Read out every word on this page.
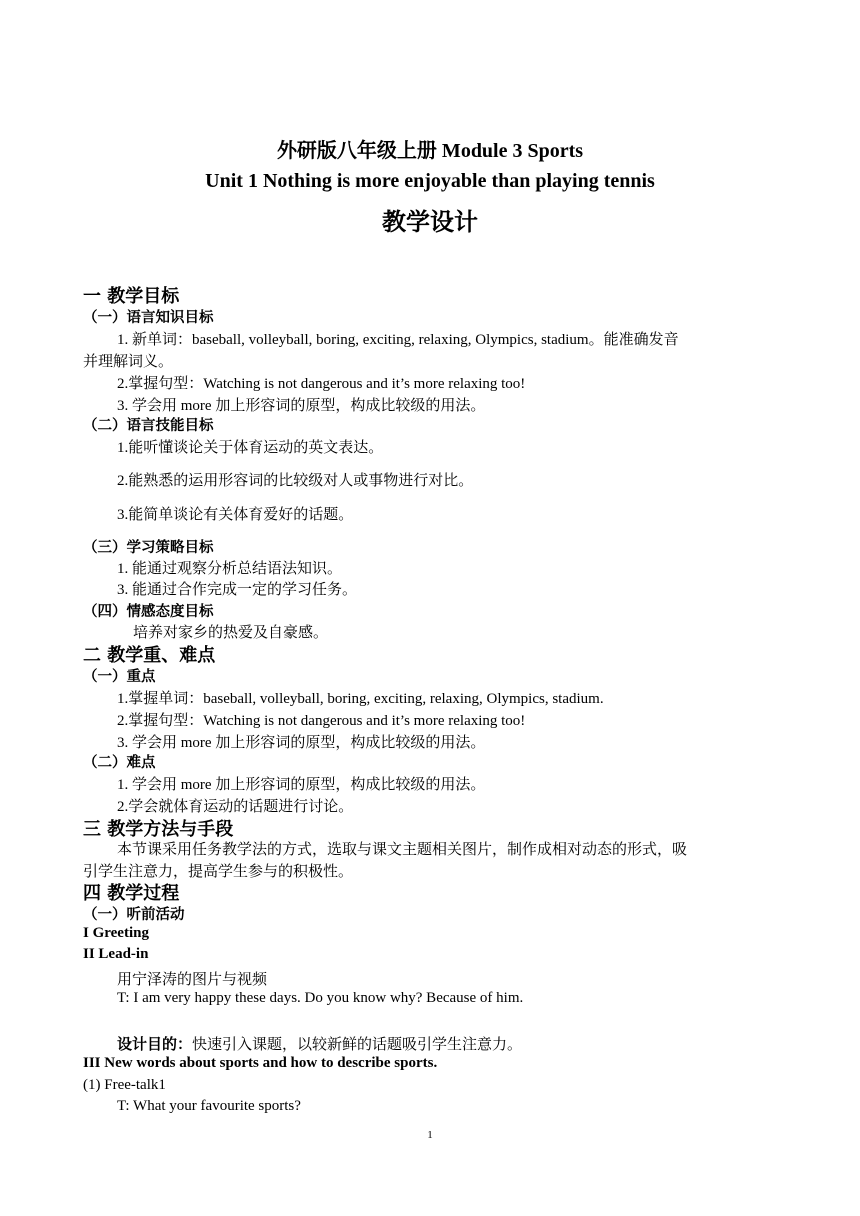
外研版八年级上册 Module 3 Sports
Unit 1 Nothing is more enjoyable than playing tennis
教学设计
一 教学目标
（一）语言知识目标
1. 新单词：baseball, volleyball, boring, exciting, relaxing, Olympics, stadium。能准确发音
并理解词义。
2.掌握句型：Watching is not dangerous and it’s more relaxing too!
3. 学会用 more 加上形容词的原型，构成比较级的用法。
（二）语言技能目标
1.能听懂谈论关于体育运动的英文表达。
2.能熟悉的运用形容词的比较级对人或事物进行对比。
3.能简单谈论有关体育爱好的话题。
（三）学习策略目标
1. 能通过观察分析总结语法知识。
3. 能通过合作完成一定的学习任务。
（四）情感态度目标
培养对家乡的热爱及自豪感。
二 教学重、难点
（一）重点
1.掌握单词：baseball, volleyball, boring, exciting, relaxing, Olympics, stadium.
2.掌握句型：Watching is not dangerous and it’s more relaxing too!
3. 学会用 more 加上形容词的原型，构成比较级的用法。
（二）难点
1. 学会用 more 加上形容词的原型，构成比较级的用法。
2.学会就体育运动的话题进行讨论。
三 教学方法与手段
本节课采用任务教学法的方式，选取与课文主题相关图片，制作成相对动态的形式，吸
引学生注意力，提高学生参与的积极性。
四 教学过程
（一）听前活动
I Greeting
II Lead-in
用宁泽涛的图片与视频
T: I am very happy these days. Do you know why? Because of him.
设计目的：快速引入课题，以较新鲜的话题吸引学生注意力。
III New words about sports and how to describe sports.
(1) Free-talk1
T: What your favourite sports?
1
